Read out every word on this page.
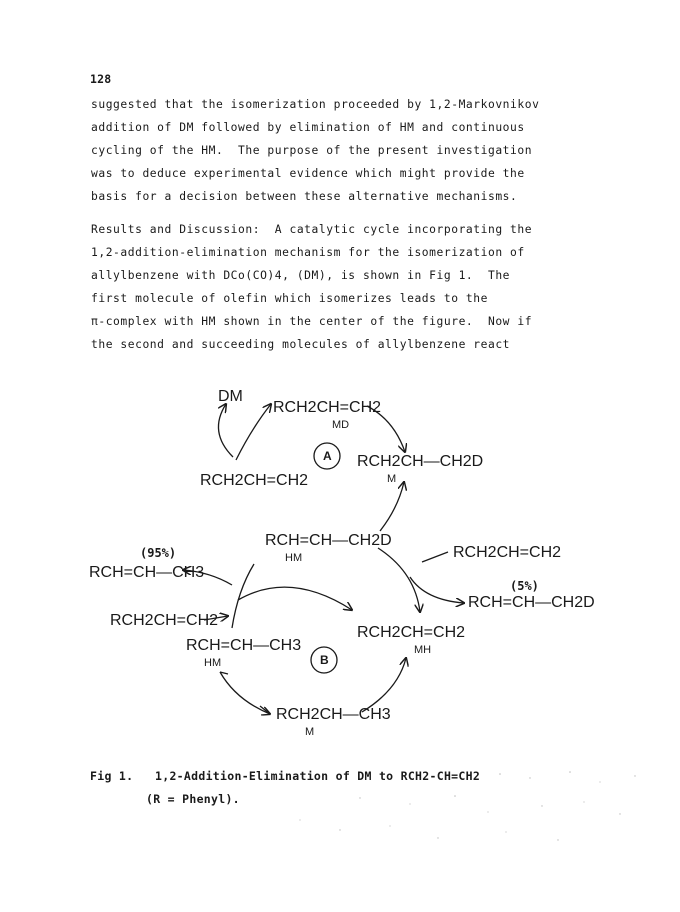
128
suggested that the isomerization proceeded by 1,2-Markovnikov
addition of DM followed by elimination of HM and continuous
cycling of the HM.  The purpose of the present investigation
was to deduce experimental evidence which might provide the
basis for a decision between these alternative mechanisms.
Results and Discussion:  A catalytic cycle incorporating the
1,2-addition-elimination mechanism for the isomerization of
allylbenzene with DCo(CO)4, (DM), is shown in Fig 1.  The
first molecule of olefin which isomerizes leads to the
π-complex with HM shown in the center of the figure.  Now if
the second and succeeding molecules of allylbenzene react
DM
RCH2CH=CH2
MD
A RCH2CH—CH2D
M
RCH2CH=CH2
RCH=CH—CH2D
HM	RCH2CH=CH2
(5%)
RCH=CH—CH2D
(95%)
RCH=CH—CH3
RCH2CH=CH2
RCH=CH—CH3
HM
RCH2CH=CH2
MH
B
RCH2CH—CH3
M
Fig 1.   1,2-Addition-Elimination of DM to RCH2-CH=CH2
(R = Phenyl).
